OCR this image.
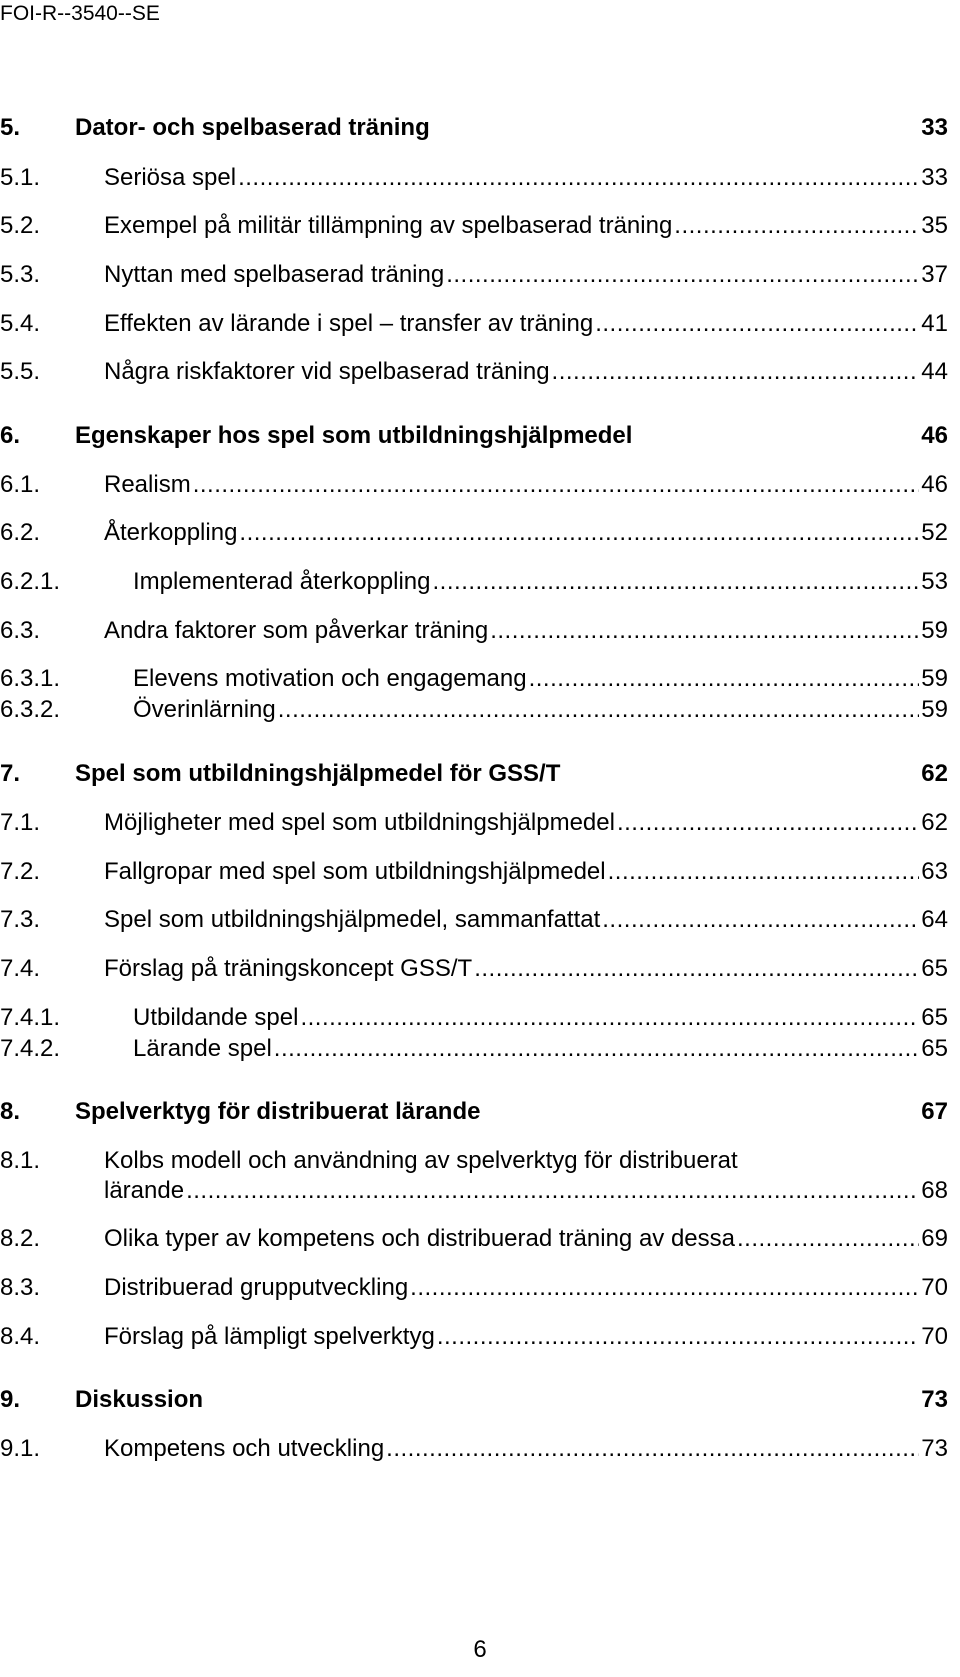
FOI-R--3540--SE
5. Dator- och spelbaserad träning	33
5.1.	Seriösa spel .....	33
5.2.	Exempel på militär tillämpning av spelbaserad träning .....	35
5.3.	Nyttan med spelbaserad träning .....	37
5.4.	Effekten av lärande i spel – transfer av träning .....	41
5.5.	Några riskfaktorer vid spelbaserad träning .....	44
6. Egenskaper hos spel som utbildningshjälpmedel	46
6.1.	Realism .....	46
6.2.	Återkoppling .....	52
6.2.1.	Implementerad återkoppling .....	53
6.3.	Andra faktorer som påverkar träning .....	59
6.3.1.	Elevens motivation och engagemang .....	59
6.3.2.	Överinlärning .....	59
7. Spel som utbildningshjälpmedel för GSS/T	62
7.1.	Möjligheter med spel som utbildningshjälpmedel .....	62
7.2.	Fallgropar med spel som utbildningshjälpmedel .....	63
7.3.	Spel som utbildningshjälpmedel, sammanfattat .....	64
7.4.	Förslag på träningskoncept GSS/T .....	65
7.4.1.	Utbildande spel .....	65
7.4.2.	Lärande spel .....	65
8. Spelverktyg för distribuerat lärande	67
8.1.	Kolbs modell och användning av spelverktyg för distribuerat
lärande .....	68
8.2.	Olika typer av kompetens och distribuerad träning av dessa .....	69
8.3.	Distribuerad grupputveckling .....	70
8.4.	Förslag på lämpligt spelverktyg .....	70
9. Diskussion	73
9.1.	Kompetens och utveckling .....	73
6
